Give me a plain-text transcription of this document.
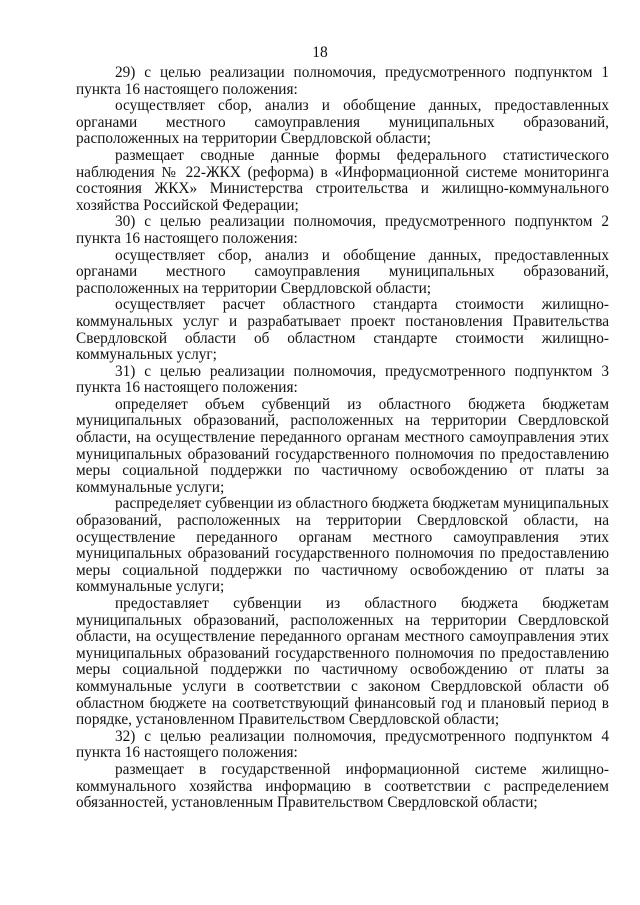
18

29) с целью реализации полномочия, предусмотренного подпунктом 1 пункта 16 настоящего положения:

осуществляет сбор, анализ и обобщение данных, предоставленных органами местного самоуправления муниципальных образований, расположенных на территории Свердловской области;

размещает сводные данные формы федерального статистического наблюдения № 22-ЖКХ (реформа) в «Информационной системе мониторинга состояния ЖКХ» Министерства строительства и жилищно-коммунального хозяйства Российской Федерации;

30) с целью реализации полномочия, предусмотренного подпунктом 2 пункта 16 настоящего положения:

осуществляет сбор, анализ и обобщение данных, предоставленных органами местного самоуправления муниципальных образований, расположенных на территории Свердловской области;

осуществляет расчет областного стандарта стоимости жилищно-коммунальных услуг и разрабатывает проект постановления Правительства Свердловской области об областном стандарте стоимости жилищно-коммунальных услуг;

31) с целью реализации полномочия, предусмотренного подпунктом 3 пункта 16 настоящего положения:

определяет объем субвенций из областного бюджета бюджетам муниципальных образований, расположенных на территории Свердловской области, на осуществление переданного органам местного самоуправления этих муниципальных образований государственного полномочия по предоставлению меры социальной поддержки по частичному освобождению от платы за коммунальные услуги;

распределяет субвенции из областного бюджета бюджетам муниципальных образований, расположенных на территории Свердловской области, на осуществление переданного органам местного самоуправления этих муниципальных образований государственного полномочия по предоставлению меры социальной поддержки по частичному освобождению от платы за коммунальные услуги;

предоставляет субвенции из областного бюджета бюджетам муниципальных образований, расположенных на территории Свердловской области, на осуществление переданного органам местного самоуправления этих муниципальных образований государственного полномочия по предоставлению меры социальной поддержки по частичному освобождению от платы за коммунальные услуги в соответствии с законом Свердловской области об областном бюджете на соответствующий финансовый год и плановый период в порядке, установленном Правительством Свердловской области;

32) с целью реализации полномочия, предусмотренного подпунктом 4 пункта 16 настоящего положения:

размещает в государственной информационной системе жилищно-коммунального хозяйства информацию в соответствии с распределением обязанностей, установленным Правительством Свердловской области;
